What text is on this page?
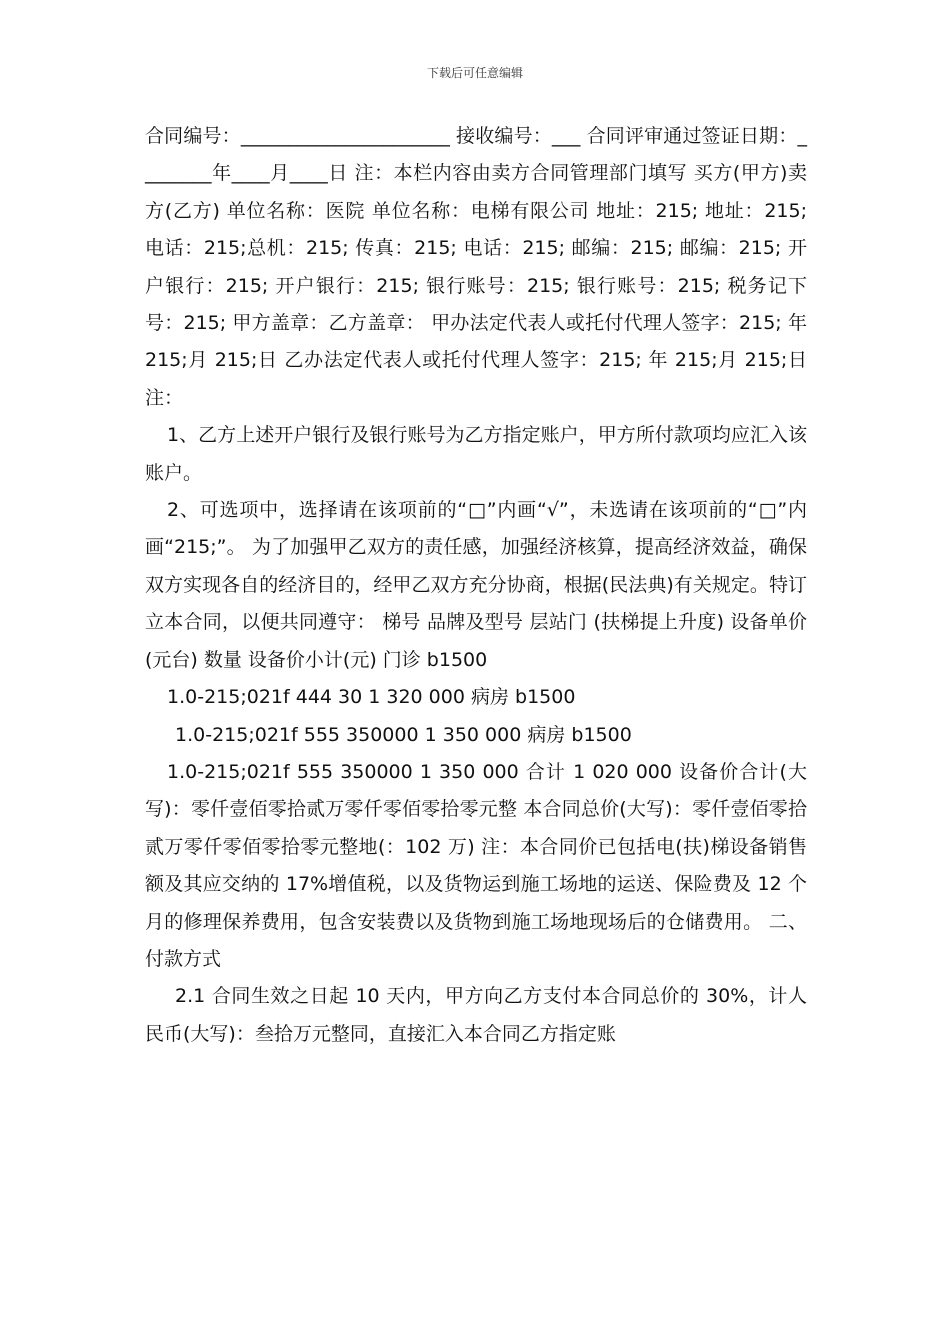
下载后可任意编辑

合同编号：______________________ 接收编号：___ 合同评审通过签证日期：________年____月____日 注：本栏内容由卖方合同管理部门填写 买方(甲方)卖方(乙方) 单位名称：医院 单位名称：电梯有限公司 地址：215; 地址：215; 电话：215;总机：215; 传真：215; 电话：215; 邮编：215; 邮编：215; 开户银行：215; 开户银行：215; 银行账号：215; 银行账号：215; 税务记下号：215; 甲方盖章：乙方盖章： 甲办法定代表人或托付代理人签字：215; 年 215;月 215;日 乙办法定代表人或托付代理人签字：215; 年 215;月 215;日 注：

1、乙方上述开户银行及银行账号为乙方指定账户，甲方所付款项均应汇入该账户。

2、可选项中，选择请在该项前的“□”内画“√”，未选请在该项前的“□”内画“215;”。 为了加强甲乙双方的责任感，加强经济核算，提高经济效益，确保双方实现各自的经济目的，经甲乙双方充分协商，根据(民法典)有关规定。特订立本合同，以便共同遵守： 梯号 品牌及型号 层站门 (扶梯提上升度) 设备单价(元台) 数量 设备价小计(元) 门诊 b1500

1.0-215;021f 444 30 1 320 000 病房 b1500

1.0-215;021f 555 350000 1 350 000 病房 b1500

1.0-215;021f 555 350000 1 350 000 合计 1 020 000 设备价合计(大写)：零仟壹佰零拾贰万零仟零佰零拾零元整 本合同总价(大写)：零仟壹佰零拾贰万零仟零佰零拾零元整地(：102 万) 注：本合同价已包括电(扶)梯设备销售额及其应交纳的 17%增值税，以及货物运到施工场地的运送、保险费及 12 个月的修理保养费用，包含安装费以及货物到施工场地现场后的仓储费用。 二、付款方式

2.1 合同生效之日起 10 天内，甲方向乙方支付本合同总价的 30%，计人民币(大写)：叁拾万元整同，直接汇入本合同乙方指定账
